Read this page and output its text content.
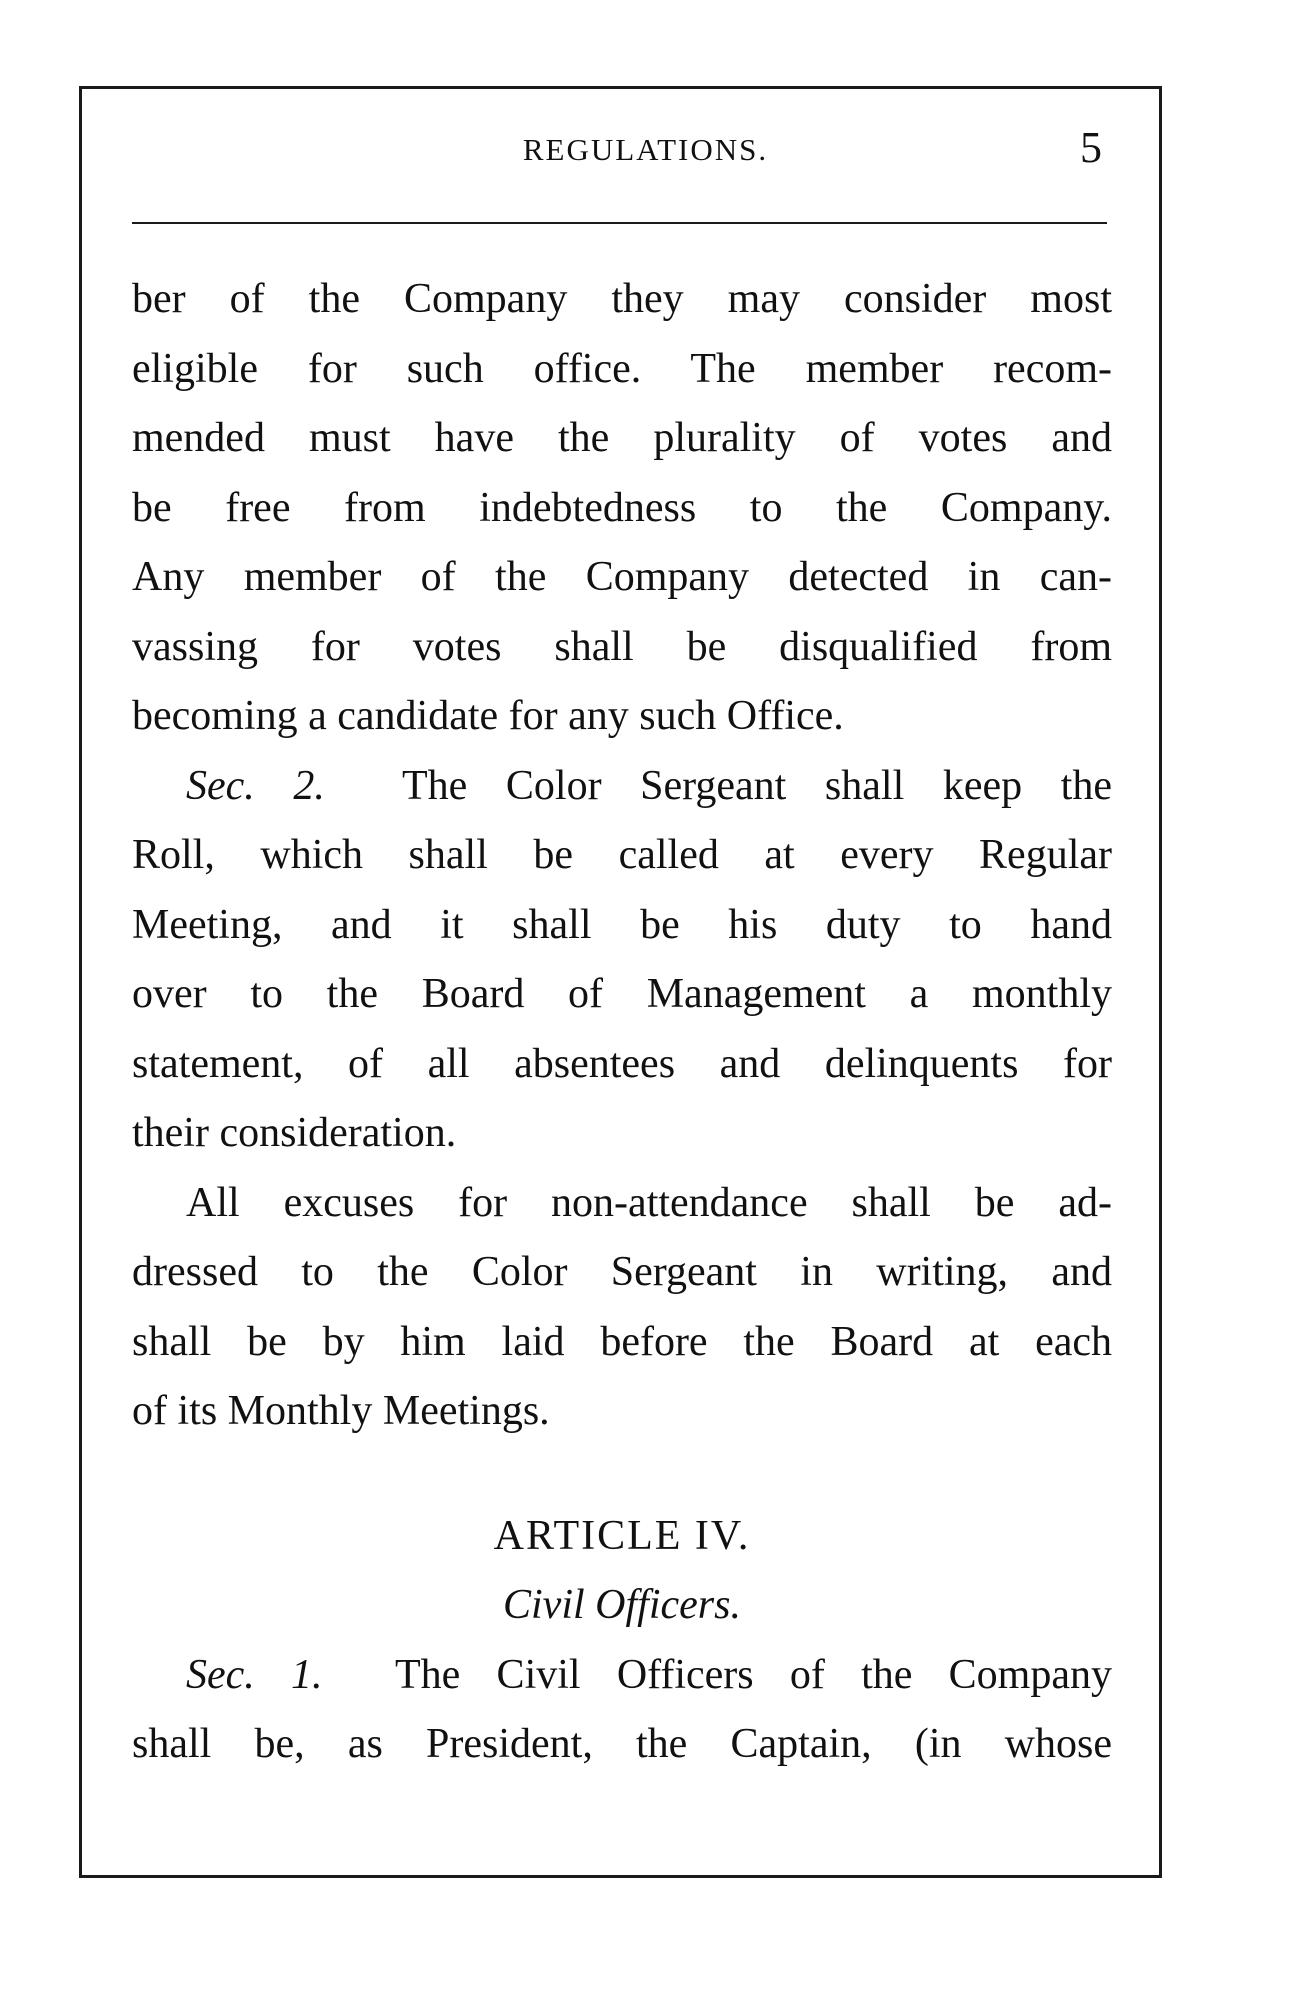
REGULATIONS.	5
ber of the Company they may consider most
eligible for such office. The member recom-
mended must have the plurality of votes and
be free from indebtedness to the Company.
Any member of the Company detected in can-
vassing for votes shall be disqualified from
becoming a candidate for any such Office.
Sec. 2. The Color Sergeant shall keep the
Roll, which shall be called at every Regular
Meeting, and it shall be his duty to hand
over to the Board of Management a monthly
statement, of all absentees and delinquents for
their consideration.
All excuses for non-attendance shall be ad-
dressed to the Color Sergeant in writing, and
shall be by him laid before the Board at each
of its Monthly Meetings.
ARTICLE IV.
Civil Officers.
Sec. 1. The Civil Officers of the Company
shall be, as President, the Captain, (in whose
